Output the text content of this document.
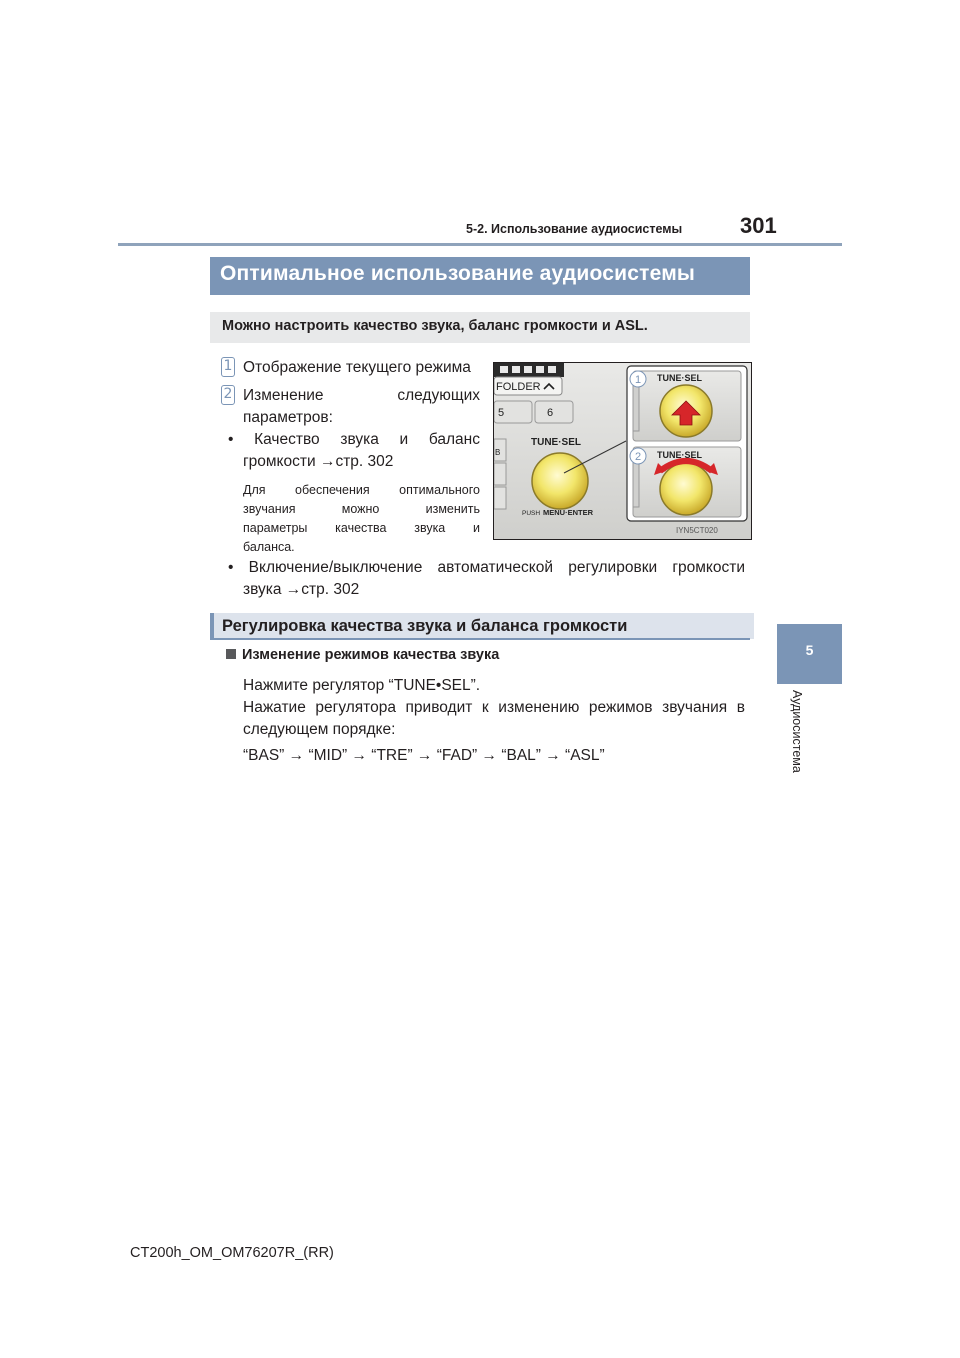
5-2. Использование аудиосистемы	301
5
Аудиосистема
Оптимальное использование аудиосистемы
Можно настроить качество звука, баланс громкости и ASL.
1 Отображение текущего режима
2 Изменение следующих
параметров:
• Качество звука и баланс
громкости →стр. 302
Для обеспечения оптимального
звучания можно изменить
параметры качества звука и
баланса.
• Включение/выключение автоматической регулировки громкости
звука →стр. 302
FOLDER
5	6
B
TUNE·SEL
PUSH MENU·ENTER
1 TUNE·SEL
2 TUNE·SEL
IYN5CT020
Регулировка качества звука и баланса громкости
Изменение режимов качества звука
Нажмите регулятор “TUNE•SEL”.
Нажатие регулятора приводит к изменению режимов звучания в
следующем порядке:
“BAS” → “MID” → “TRE” → “FAD” → “BAL” → “ASL”
CT200h_OM_OM76207R_(RR)
